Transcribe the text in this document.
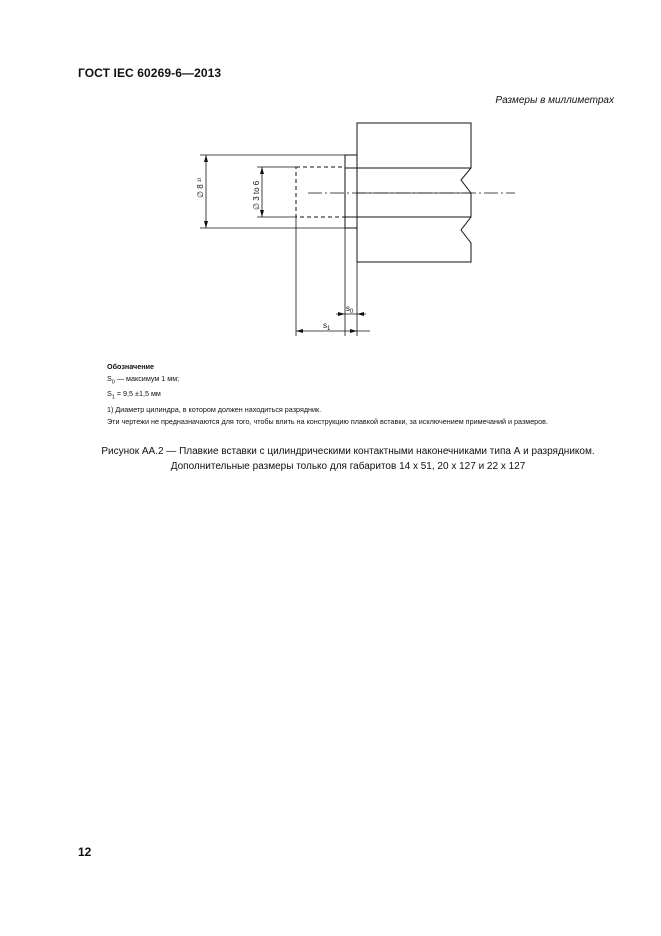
ГОСТ IEC 60269-6—2013
Размеры в миллиметрах
∅ 8 ¹⁾	∅ 3 to 6
$s_0$
$s_1$
Обозначение
$S_0$ — максимум 1 мм;
$S_1 = 9,5 \pm 1,5$ мм
1) Диаметр цилиндра, в котором должен находиться разрядник.
Эти чертежи не предназначаются для того, чтобы влить на конструкцию плавкой вставки, за исключением примечаний и размеров.
Рисунок АА.2 — Плавкие вставки с цилиндрическими контактными наконечниками типа А и разрядником.
Дополнительные размеры только для габаритов 14 x 51, 20 x 127 и 22 x 127
12
